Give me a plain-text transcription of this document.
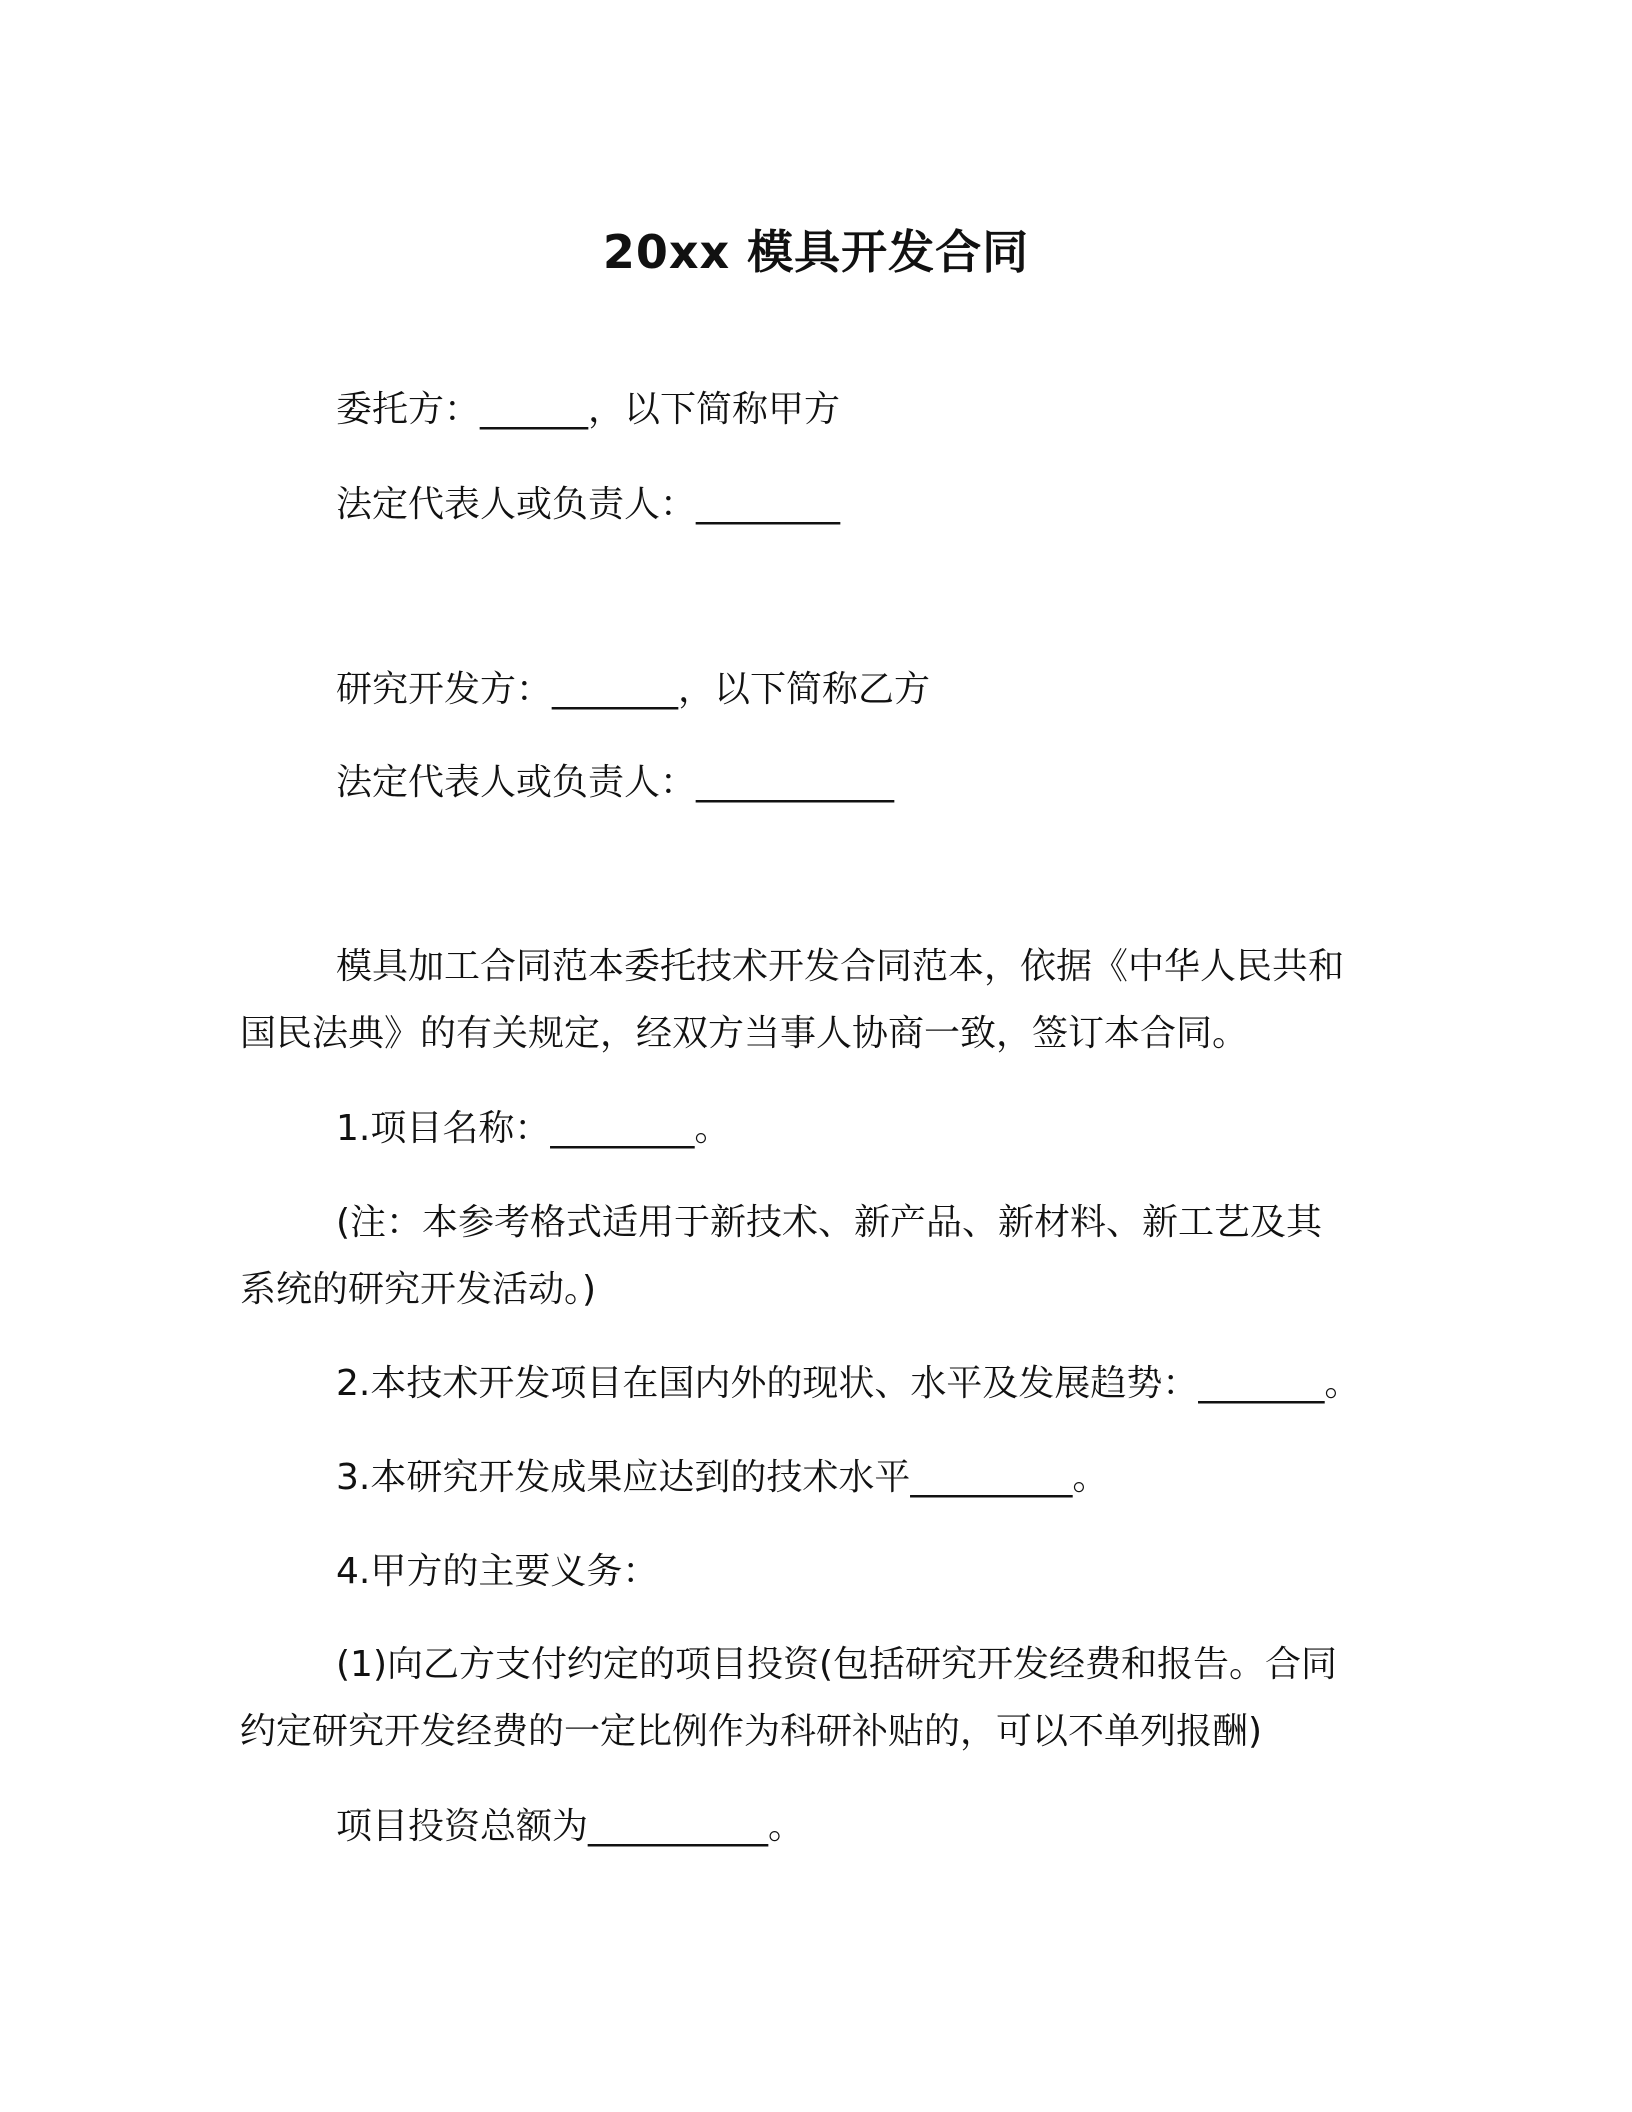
20xx 模具开发合同
委托方：______，以下简称甲方
法定代表人或负责人：________
研究开发方：_______，以下简称乙方
法定代表人或负责人：___________
模具加工合同范本委托技术开发合同范本，依据《中华人民共和
国民法典》的有关规定，经双方当事人协商一致，签订本合同。
1.项目名称：________。
(注：本参考格式适用于新技术、新产品、新材料、新工艺及其
系统的研究开发活动。)
2.本技术开发项目在国内外的现状、水平及发展趋势：_______。
3.本研究开发成果应达到的技术水平_________。
4.甲方的主要义务：
(1)向乙方支付约定的项目投资(包括研究开发经费和报告。合同
约定研究开发经费的一定比例作为科研补贴的，可以不单列报酬)
项目投资总额为__________。
